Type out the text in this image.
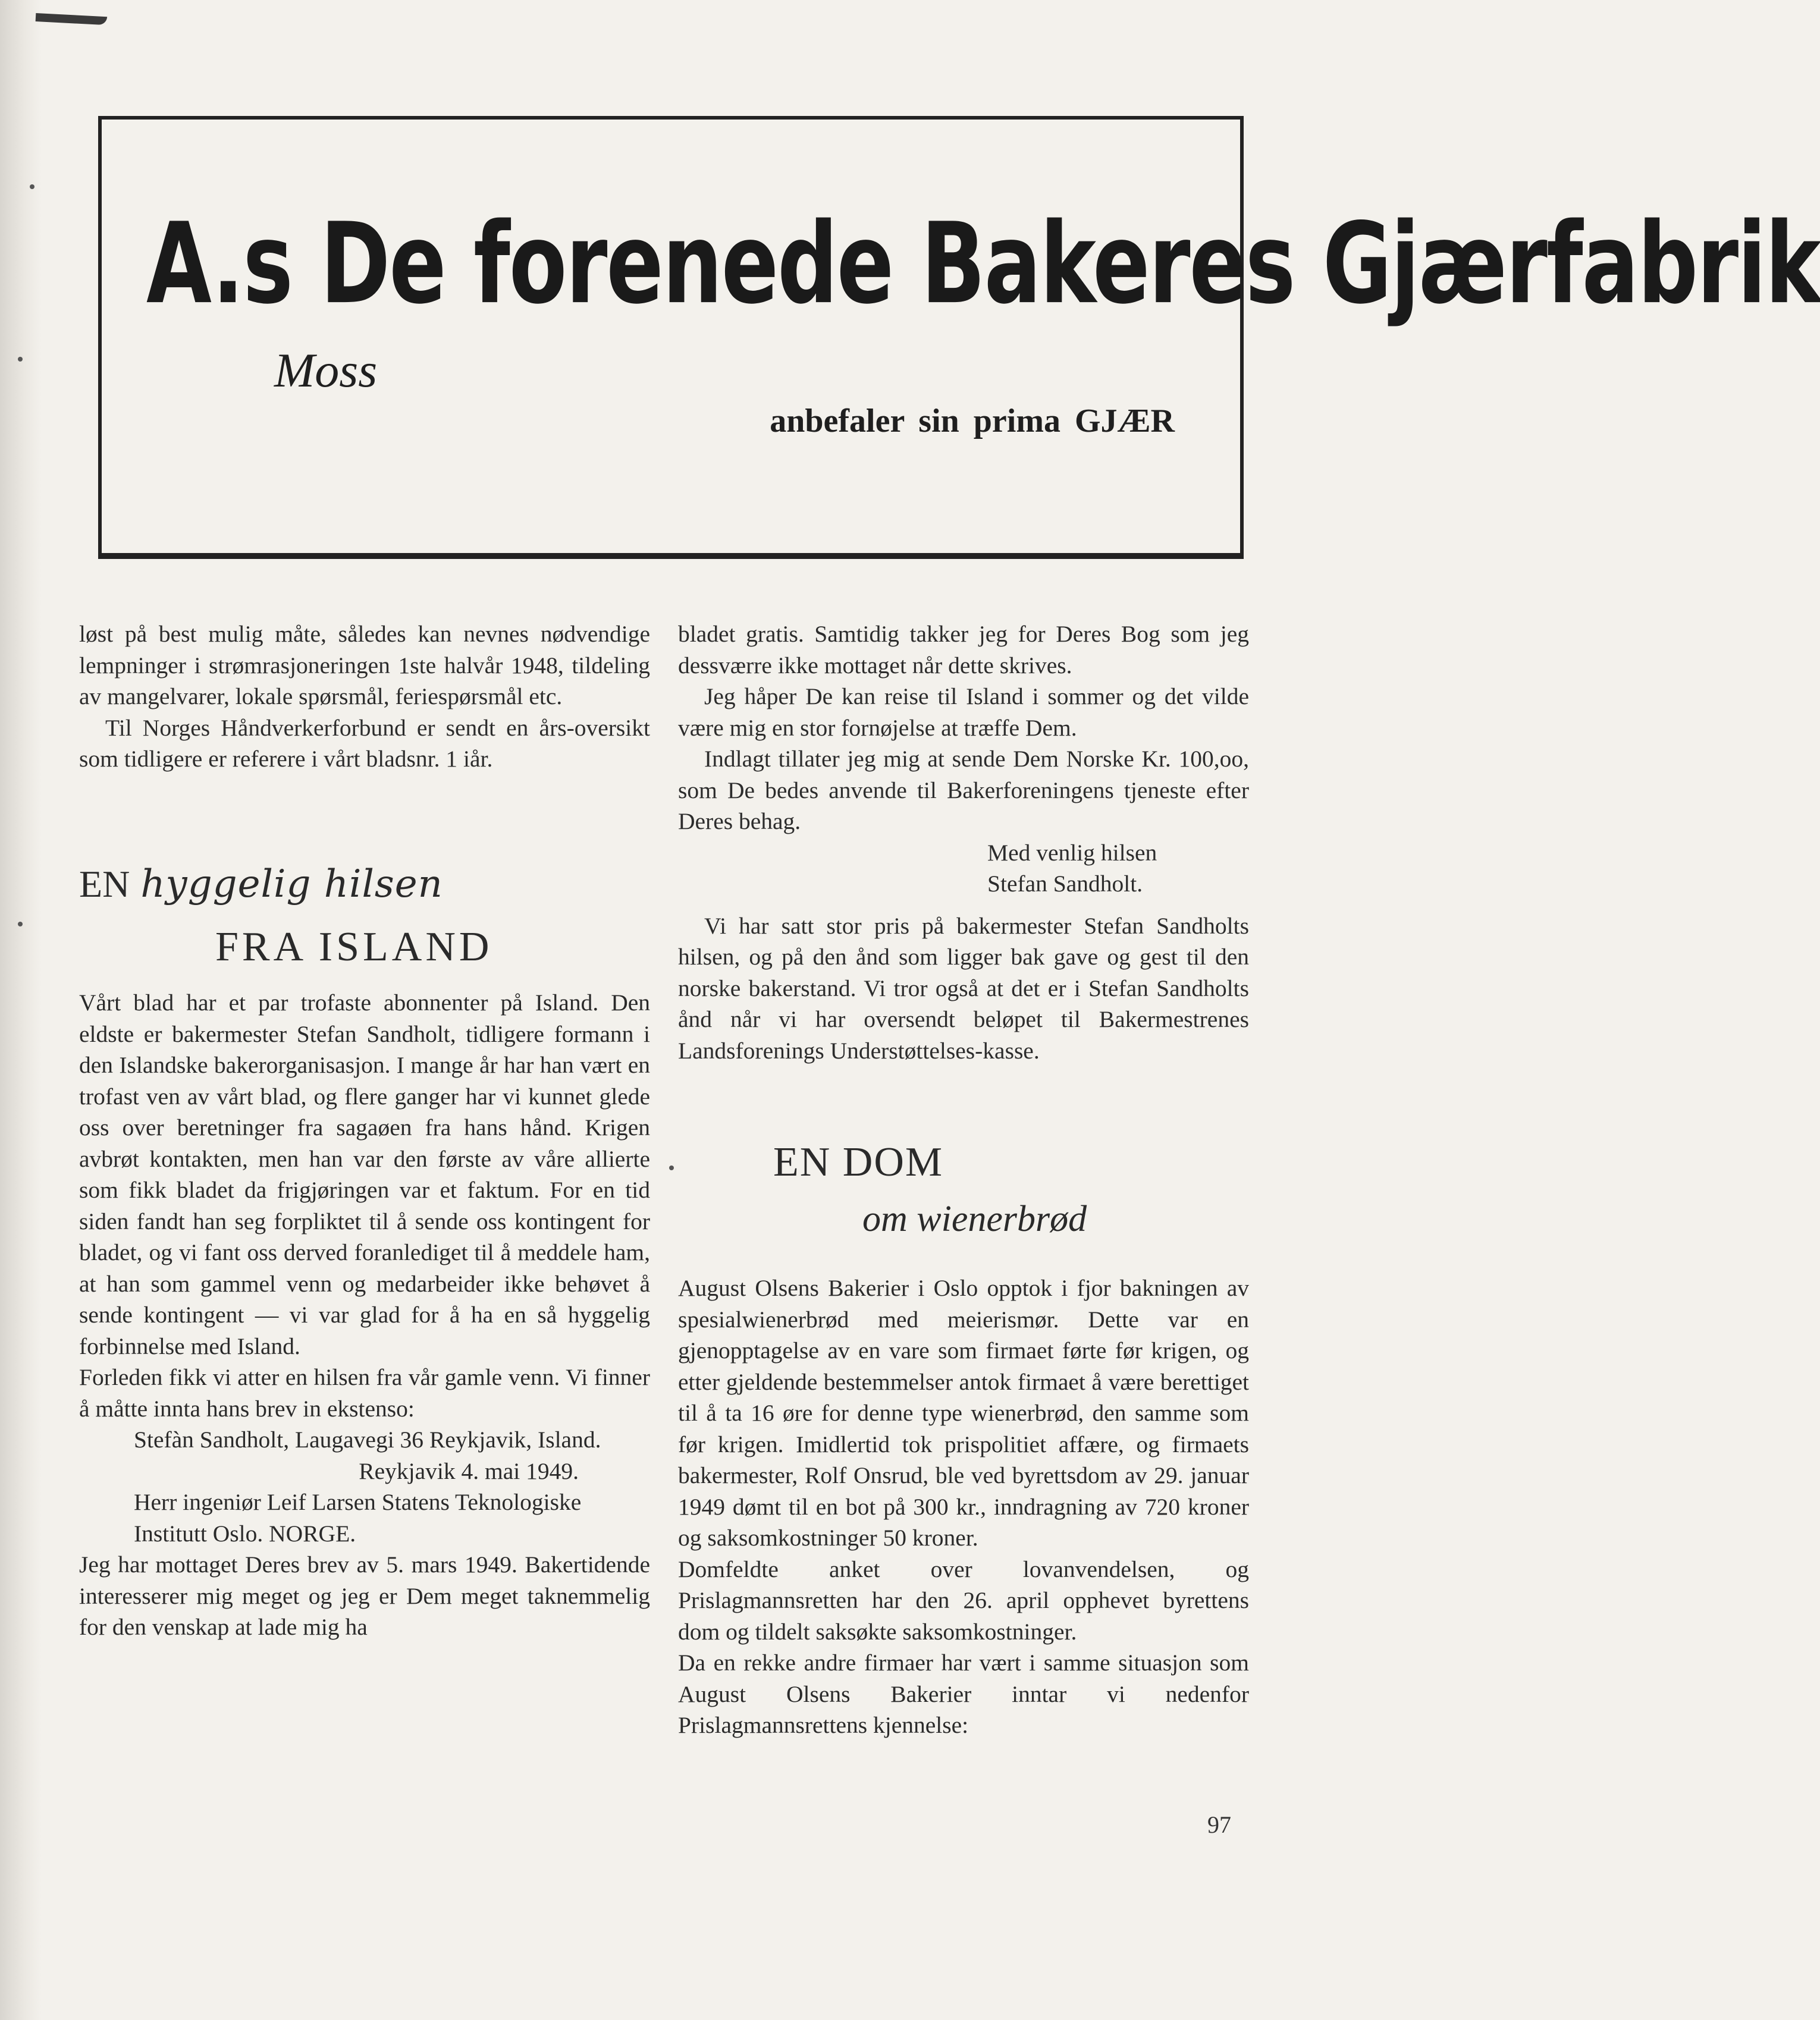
A.s De forenede Bakeres Gjærfabrik
Moss
anbefaler sin prima GJÆR

løst på best mulig måte, således kan nevnes nødvendige lempninger i strømrasjoneringen 1ste halvår 1948, tildeling av mangelvarer, lokale spørsmål, feriespørsmål etc.

Til Norges Håndverkerforbund er sendt en års-oversikt som tidligere er referere i vårt bladsnr. 1 iår.

EN hyggelig hilsen
FRA ISLAND

Vårt blad har et par trofaste abonnenter på Island. Den eldste er bakermester Stefan Sandholt, tidligere formann i den Islandske bakerorganisasjon. I mange år har han vært en trofast ven av vårt blad, og flere ganger har vi kunnet glede oss over beretninger fra sagaøen fra hans hånd. Krigen avbrøt kontakten, men han var den første av våre allierte som fikk bladet da frigjøringen var et faktum. For en tid siden fandt han seg forpliktet til å sende oss kontingent for bladet, og vi fant oss derved foranlediget til å meddele ham, at han som gammel venn og medarbeider ikke behøvet å sende kontingent — vi var glad for å ha en så hyggelig forbinnelse med Island.

Forleden fikk vi atter en hilsen fra vår gamle venn. Vi finner å måtte innta hans brev in ekstenso:

Stefàn Sandholt, Laugavegi 36 Reykjavik, Island.
Reykjavik 4. mai 1949.
Herr ingeniør Leif Larsen Statens Teknologiske Institutt Oslo. NORGE.

Jeg har mottaget Deres brev av 5. mars 1949. Bakertidende interesserer mig meget og jeg er Dem meget taknemmelig for den venskap at lade mig ha

bladet gratis. Samtidig takker jeg for Deres Bog som jeg dessværre ikke mottaget når dette skrives.

Jeg håper De kan reise til Island i sommer og det vilde være mig en stor fornøjelse at træffe Dem.

Indlagt tillater jeg mig at sende Dem Norske Kr. 100,oo, som De bedes anvende til Bakerforeningens tjeneste efter Deres behag.

Med venlig hilsen
Stefan Sandholt.

Vi har satt stor pris på bakermester Stefan Sandholts hilsen, og på den ånd som ligger bak gave og gest til den norske bakerstand. Vi tror også at det er i Stefan Sandholts ånd når vi har oversendt beløpet til Bakermestrenes Landsforenings Understøttelses-kasse.

EN DOM
om wienerbrød

August Olsens Bakerier i Oslo opptok i fjor bakningen av spesialwienerbrød med meierismør. Dette var en gjenopptagelse av en vare som firmaet førte før krigen, og etter gjeldende bestemmelser antok firmaet å være berettiget til å ta 16 øre for denne type wienerbrød, den samme som før krigen. Imidlertid tok prispolitiet affære, og firmaets bakermester, Rolf Onsrud, ble ved byrettsdom av 29. januar 1949 dømt til en bot på 300 kr., inndragning av 720 kroner og saksomkostninger 50 kroner.

Domfeldte anket over lovanvendelsen, og Prislagmannsretten har den 26. april opphevet byrettens dom og tildelt saksøkte saksomkostninger.

Da en rekke andre firmaer har vært i samme situasjon som August Olsens Bakerier inntar vi nedenfor Prislagmannsrettens kjennelse:

97
